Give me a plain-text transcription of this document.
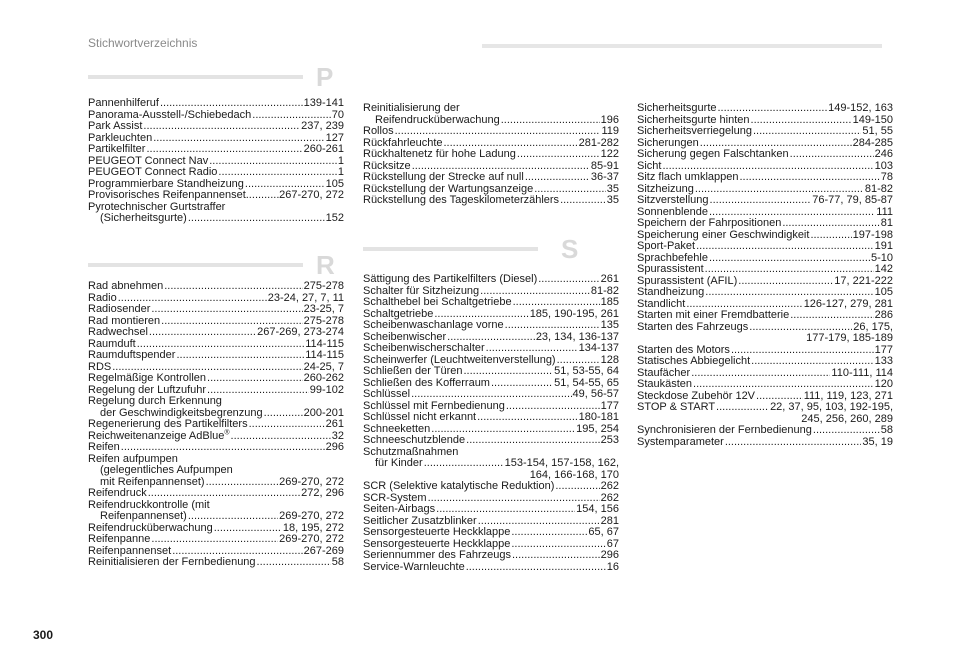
Stichwortverzeichnis
P
R
S
Pannenhilferuf .....	139-141
Panorama-Ausstell-/Schiebedach .....	70
Park Assist .....	237, 239
Parkleuchten .....	127
Partikelfilter .....	260-261
PEUGEOT Connect Nav .....	1
PEUGEOT Connect Radio .....	1
Programmierbare Standheizung .....	105
Provisorisches Reifenpannenset... ..... 267-270, 272
Pyrotechnischer Gurtstraffer
(Sicherheitsgurte) .....	152
Rad abnehmen .....	275-278
Radio .....	23-24, 27, 7, 11
Radiosender .....	23-25, 7
Rad montieren .....	275-278
Radwechsel .....	267-269, 273-274
Raumduft .....	114-115
Raumduftspender .....	114-115
RDS .....	24-25, 7
Regelmäßige Kontrollen .....	260-262
Regelung der Luftzufuhr .....	99-102
Regelung durch Erkennung
der Geschwindigkeitsbegrenzung .....	200-201
Regenerierung des Partikelfilters .....	261
Reichweitenanzeige AdBlue® .....	32
Reifen .....	296
Reifen aufpumpen
(gelegentliches Aufpumpen
mit Reifenpannenset) .....	269-270, 272
Reifendruck .....	272, 296
Reifendruckkontrolle (mit
Reifenpannenset) .....	269-270, 272
Reifendrucküberwachung .....	18, 195, 272
Reifenpanne .....	269-270, 272
Reifenpannenset .....	267-269
Reinitialisieren der Fernbedienung .....	58
Reinitialisierung der
Reifendrucküberwachung .....	196
Rollos .....	119
Rückfahrleuchte .....	281-282
Rückhaltenetz für hohe Ladung .....	122
Rücksitze .....	85-91
Rückstellung der Strecke auf null .....	36-37
Rückstellung der Wartungsanzeige .....	35
Rückstellung des Tageskilometerzählers .....	35
Sättigung des Partikelfilters (Diesel) .....	261
Schalter für Sitzheizung .....	81-82
Schalthebel bei Schaltgetriebe .....	185
Schaltgetriebe .....	185, 190-195, 261
Scheibenwaschanlage vorne .....	135
Scheibenwischer .....	23, 134, 136-137
Scheibenwischerschalter .....	134-137
Scheinwerfer (Leuchtweitenverstellung) .....	128
Schließen der Türen .....	51, 53-55, 64
Schließen des Kofferraum .....	51, 54-55, 65
Schlüssel .....	49, 56-57
Schlüssel mit Fernbedienung .....	177
Schlüssel nicht erkannt .....	180-181
Schneeketten .....	195, 254
Schneeschutzblende .....	253
Schutzmaßnahmen
für Kinder .....	153-154, 157-158, 162,
164, 166-168, 170
SCR (Selektive katalytische Reduktion) .....	262
SCR-System .....	262
Seiten-Airbags .....	154, 156
Seitlicher Zusatzblinker .....	281
Sensorgesteuerte Heckklappe .....	65, 67
Sensorgesteuerte Heckklappe .....	67
Seriennummer des Fahrzeugs .....	296
Service-Warnleuchte .....	16
Sicherheitsgurte .....	149-152, 163
Sicherheitsgurte hinten .....	149-150
Sicherheitsverriegelung .....	51, 55
Sicherungen .....	284-285
Sicherung gegen Falschtanken .....	246
Sicht .....	103
Sitz flach umklappen .....	78
Sitzheizung .....	81-82
Sitzverstellung .....	76-77, 79, 85-87
Sonnenblende .....	111
Speichern der Fahrpositionen .....	81
Speicherung einer Geschwindigkeit .....	197-198
Sport-Paket .....	191
Sprachbefehle .....	5-10
Spurassistent .....	142
Spurassistent (AFIL) .....	17, 221-222
Standheizung .....	105
Standlicht .....	126-127, 279, 281
Starten mit einer Fremdbatterie .....	286
Starten des Fahrzeugs .....	26, 175,
177-179, 185-189
Starten des Motors .....	177
Statisches Abbiegelicht .....	133
Staufächer .....	110-111, 114
Staukästen .....	120
Steckdose Zubehör 12V .....	111, 119, 123, 271
STOP & START .....	22, 37, 95, 103, 192-195,
245, 256, 260, 289
Synchronisieren der Fernbedienung .....	58
Systemparameter .....	35, 19
300
